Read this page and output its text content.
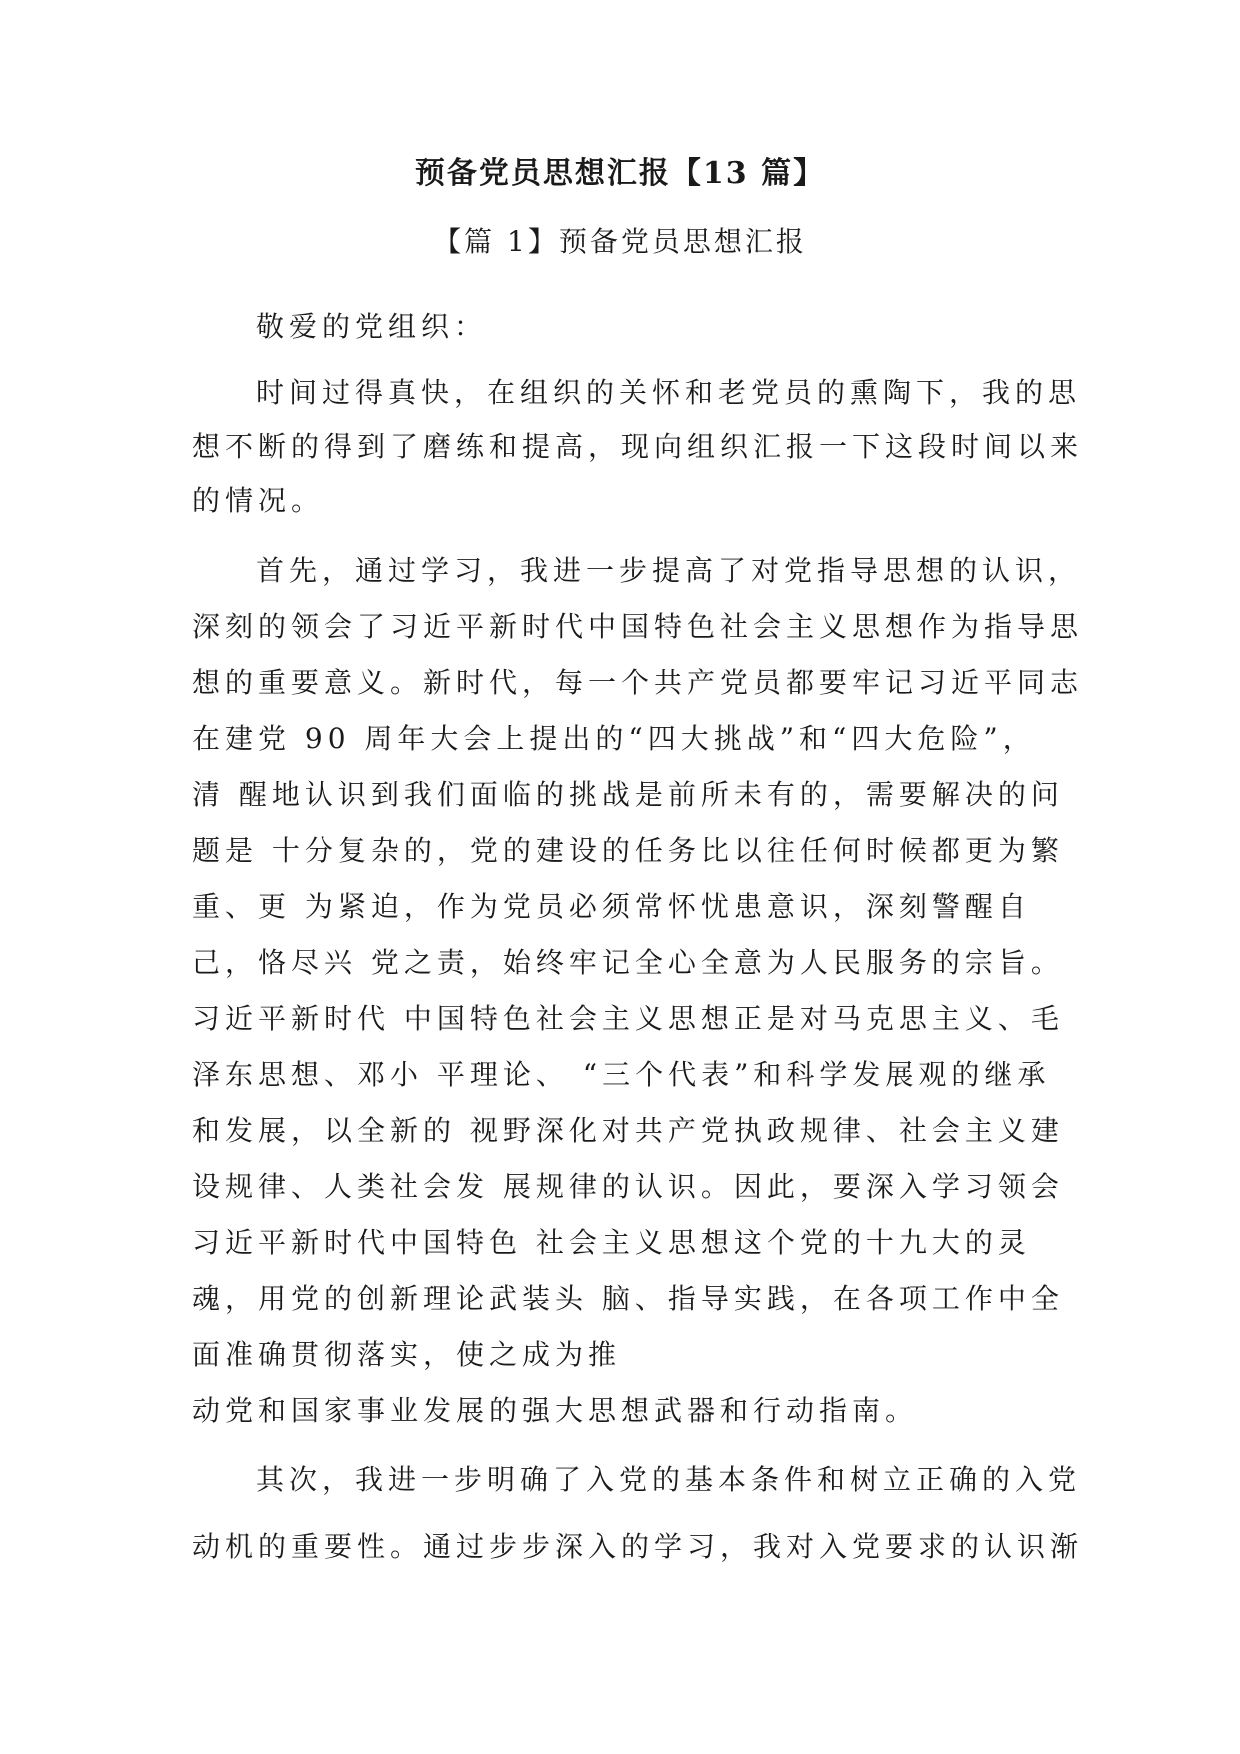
预备党员思想汇报【13 篇】
【篇 1】预备党员思想汇报
敬爱的党组织：
时间过得真快，在组织的关怀和老党员的熏陶下，我的思
想不断的得到了磨练和提高，现向组织汇报一下这段时间以来
的情况。
首先，通过学习，我进一步提高了对党指导思想的认识，
深刻的领会了习近平新时代中国特色社会主义思想作为指导思
想的重要意义。新时代，每一个共产党员都要牢记习近平同志
在建党 90 周年大会上提出的“四大挑战”和“四大危险”，
清 醒地认识到我们面临的挑战是前所未有的，需要解决的问
题是 十分复杂的，党的建设的任务比以往任何时候都更为繁
重、更 为紧迫，作为党员必须常怀忧患意识，深刻警醒自
己，恪尽兴 党之责，始终牢记全心全意为人民服务的宗旨。
习近平新时代 中国特色社会主义思想正是对马克思主义、毛
泽东思想、邓小 平理论、 “三个代表”和科学发展观的继承
和发展，以全新的 视野深化对共产党执政规律、社会主义建
设规律、人类社会发 展规律的认识。因此，要深入学习领会
习近平新时代中国特色 社会主义思想这个党的十九大的灵
魂，用党的创新理论武装头 脑、指导实践，在各项工作中全
面准确贯彻落实，使之成为推
动党和国家事业发展的强大思想武器和行动指南。
其次，我进一步明确了入党的基本条件和树立正确的入党
动机的重要性。通过步步深入的学习，我对入党要求的认识渐
